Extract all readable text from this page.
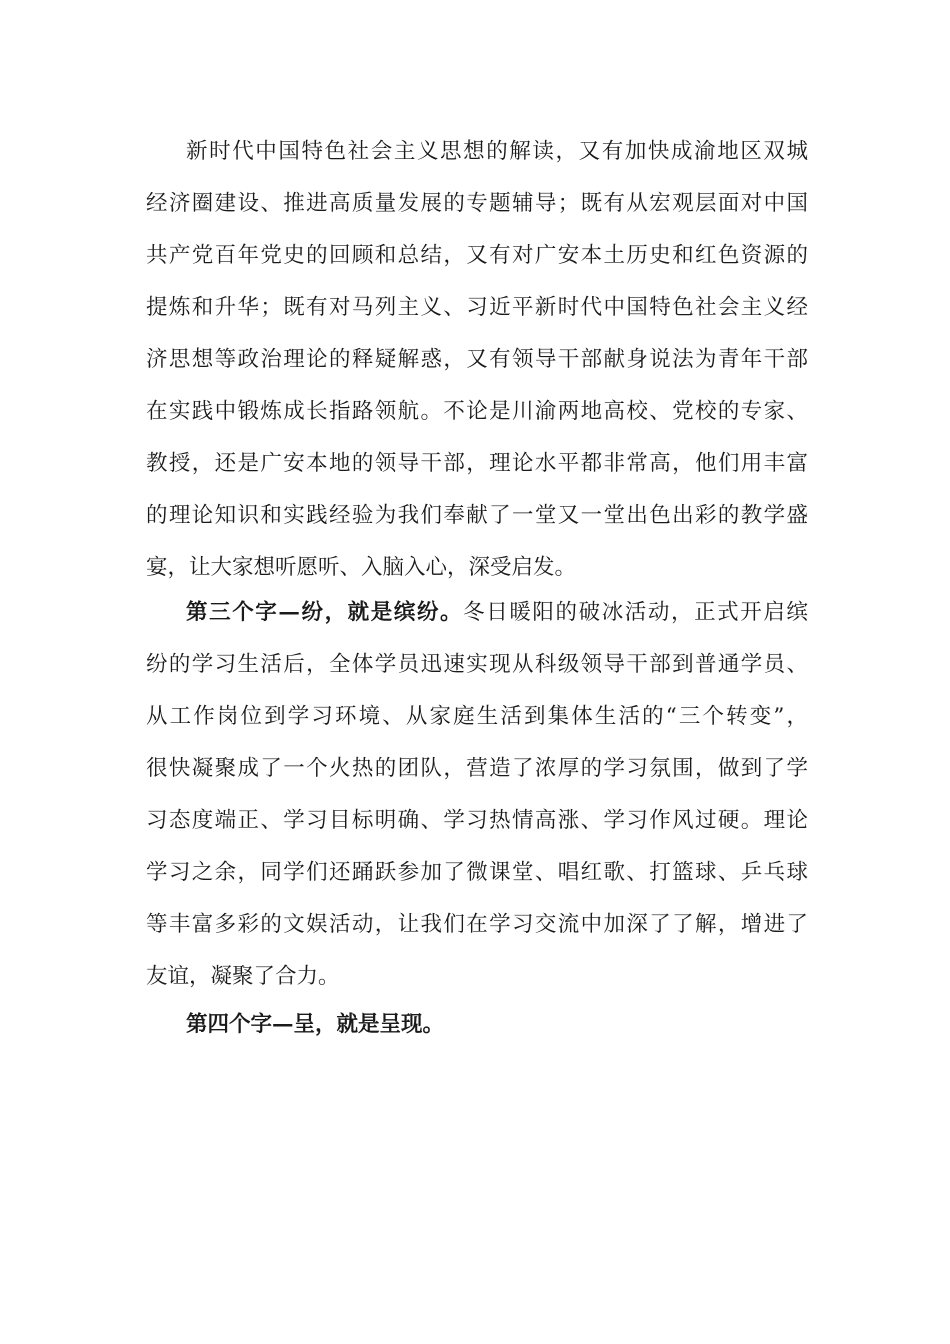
新时代中国特色社会主义思想的解读，又有加快成渝地区双城
经济圈建设、推进高质量发展的专题辅导；既有从宏观层面对中国
共产党百年党史的回顾和总结，又有对广安本土历史和红色资源的
提炼和升华；既有对马列主义、习近平新时代中国特色社会主义经
济思想等政治理论的释疑解惑，又有领导干部献身说法为青年干部
在实践中锻炼成长指路领航。不论是川渝两地高校、党校的专家、
教授，还是广安本地的领导干部，理论水平都非常高，他们用丰富
的理论知识和实践经验为我们奉献了一堂又一堂出色出彩的教学盛
宴，让大家想听愿听、入脑入心，深受启发。
第三个字—纷，就是缤纷。冬日暖阳的破冰活动，正式开启缤
纷的学习生活后，全体学员迅速实现从科级领导干部到普通学员、
从工作岗位到学习环境、从家庭生活到集体生活的“三个转变”，
很快凝聚成了一个火热的团队，营造了浓厚的学习氛围，做到了学
习态度端正、学习目标明确、学习热情高涨、学习作风过硬。理论
学习之余，同学们还踊跃参加了微课堂、唱红歌、打篮球、乒乓球
等丰富多彩的文娱活动，让我们在学习交流中加深了了解，增进了
友谊，凝聚了合力。
第四个字—呈，就是呈现。
